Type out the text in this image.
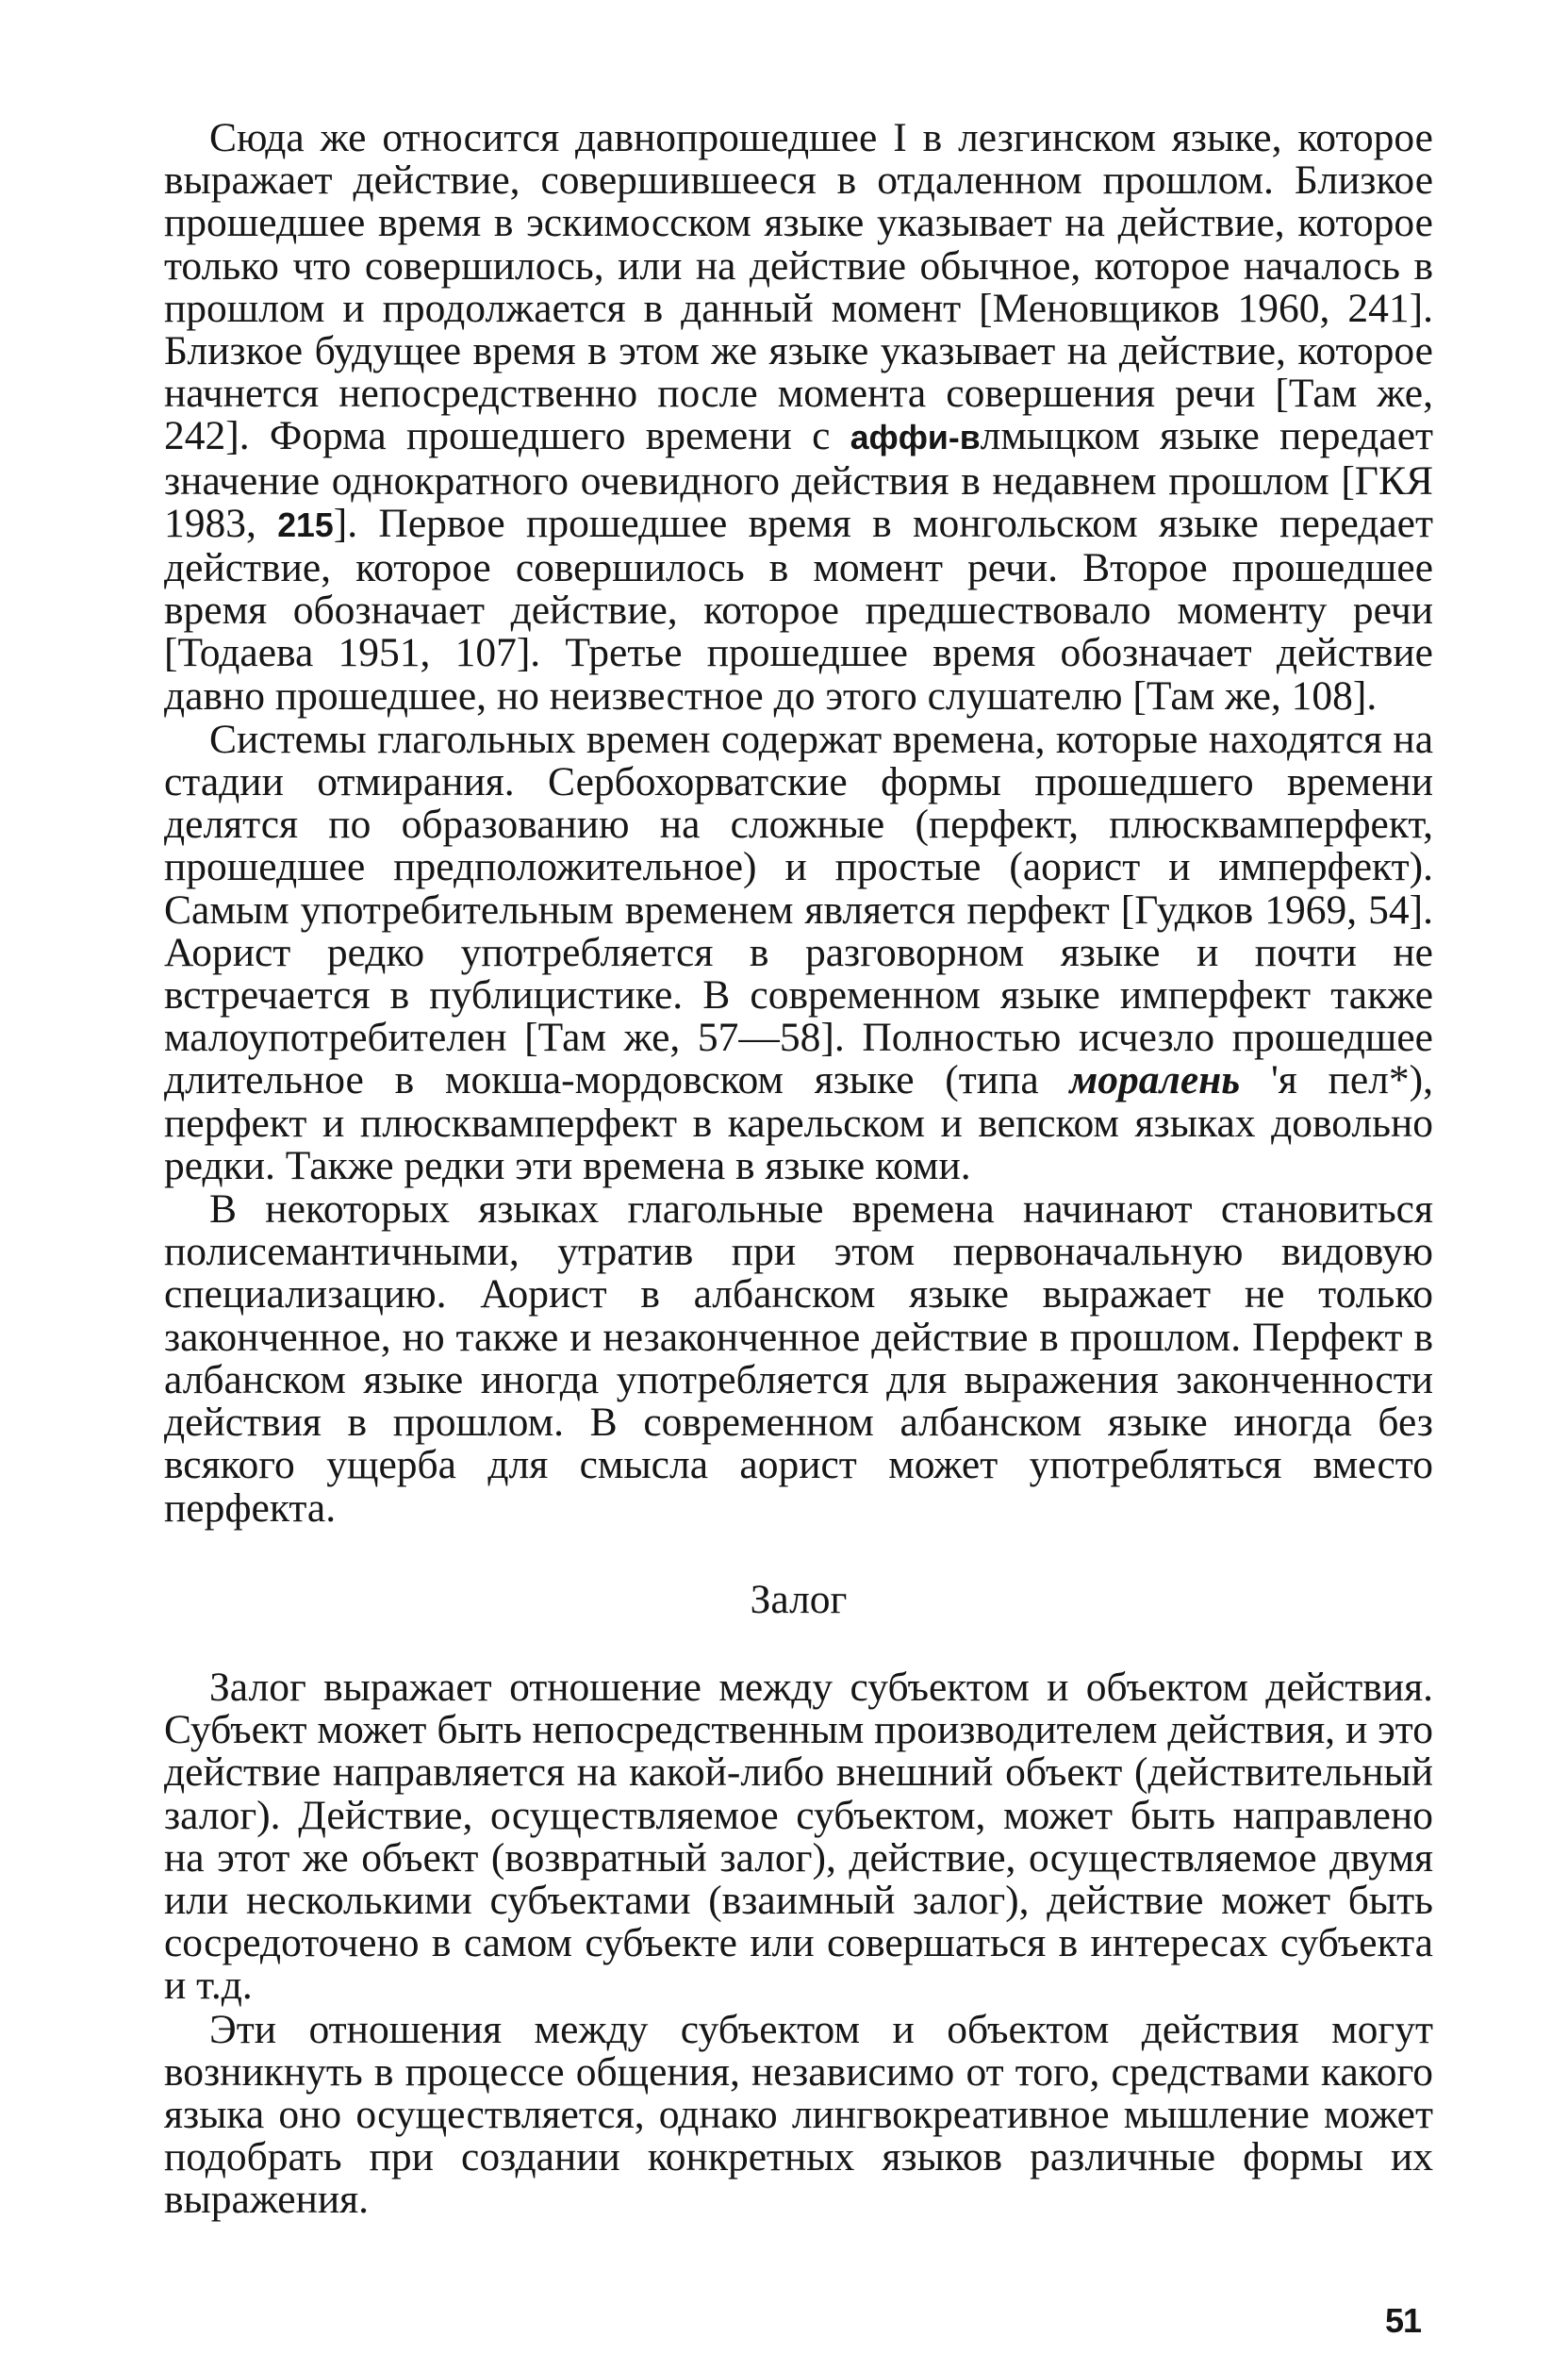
Сюда же относится давнопрошедшее I в лезгинском языке, которое выражает действие, совершившееся в отдаленном прошлом. Близкое прошедшее время в эскимосском языке указывает на действие, которое только что совершилось, или на действие обычное, которое началось в прошлом и продолжается в данный момент [Меновщиков 1960, 241]. Близкое будущее время в этом же языке указывает на действие, которое начнется непосредственно после момента совершения речи [Там же, 242]. Форма прошедшего времени с аффи-влмыцком языке передает значение однократного очевидного действия в недавнем прошлом [ГКЯ 1983, 215]. Первое прошедшее время в монгольском языке передает действие, которое совершилось в момент речи. Второе прошедшее время обозначает действие, которое предшествовало моменту речи [Тодаева 1951, 107]. Третье прошедшее время обозначает действие давно прошедшее, но неизвестное до этого слушателю [Там же, 108].

Системы глагольных времен содержат времена, которые находятся на стадии отмирания. Сербохорватские формы прошедшего времени делятся по образованию на сложные (перфект, плюсквамперфект, прошедшее предположительное) и простые (аорист и имперфект). Самым употребительным временем является перфект [Гудков 1969, 54]. Аорист редко употребляется в разговорном языке и почти не встречается в публицистике. В современном языке имперфект также малоупотребителен [Там же, 57—58]. Полностью исчезло прошедшее длительное в мокша-мордовском языке (типа моралень 'я пел*), перфект и плюсквамперфект в карельском и вепском языках довольно редки. Также редки эти времена в языке коми.

В некоторых языках глагольные времена начинают становиться полисемантичными, утратив при этом первоначальную видовую специализацию. Аорист в албанском языке выражает не только законченное, но также и незаконченное действие в прошлом. Перфект в албанском языке иногда употребляется для выражения законченности действия в прошлом. В современном албанском языке иногда без всякого ущерба для смысла аорист может употребляться вместо перфекта.

Залог

Залог выражает отношение между субъектом и объектом действия. Субъект может быть непосредственным производителем действия, и это действие направляется на какой-либо внешний объект (действительный залог). Действие, осуществляемое субъектом, может быть направлено на этот же объект (возвратный залог), действие, осуществляемое двумя или несколькими субъектами (взаимный залог), действие может быть сосредоточено в самом субъекте или совершаться в интересах субъекта и т.д.

Эти отношения между субъектом и объектом действия могут возникнуть в процессе общения, независимо от того, средствами какого языка оно осуществляется, однако лингвокреативное мышление может подобрать при создании конкретных языков различные формы их выражения.

51
